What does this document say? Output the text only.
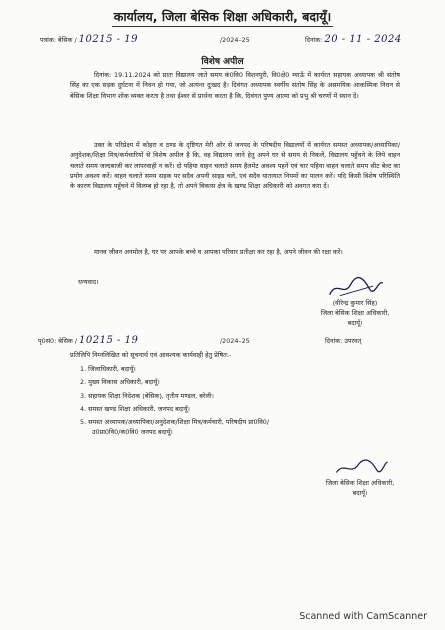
कार्यालय, जिला बेसिक शिक्षा अधिकारी, बदायूँ।
पत्रांक: बेसिक / 10215 - 19	/2024–25	दिनांक: 20 - 11 - 2024
विशेष अपील
दिनांक: 19.11.2024 को प्रातः विद्यालय जाते समय कं0वि0 विशनपुरी, वि0क्षे0 म्याऊँ में कार्यरत सहायक अध्यापक श्री संतोष सिंह का एक सड़क दुर्घटना में निधन हो गया, जो अत्यन्त दुःखद है। दिवंगत अध्यापक स्वर्गीय संतोष सिंह के असमयिक आकस्मिक निधन से बेसिक शिक्षा विभाग शोक व्यक्त करता है तथा ईश्वर से प्रार्थना करता है कि, दिवंगत पुण्य आत्मा को प्रभु श्री चरणों में स्थान दें।
उक्त के परिप्रेक्ष्य में कोहरा व ठण्ड के दृष्टिगत मेरी ओर से जनपद के परिषदीय विद्यालयों में कार्यरत समस्त अध्यापक/अध्यापिका/अनुदेशक/शिक्षा मित्र/कर्मचारियों से विशेष अपील है कि, वह विद्यालय जाने हेतु अपने घर से समय से निकलें, विद्यालय पहुँचने के लिये वाहन चलाते समय जल्दबाजी कर लापरवाही न करें। दो पहिया वाहन चलाते समय हैलमेट अवश्य पहनें एवं चार पहिया वाहन चलाते समय सीट बेल्ट का प्रयोग अवश्य करें। वाहन चलाते समय सड़क पर सदैव अपनी साइड चलें, एवं सदैव यातायात नियमों का पालन करें। यदि किसी विशेष परिस्थिति के कारण विद्यालय पहुँचने में विलम्ब हो रहा है, तो अपने विकास क्षेत्र के खण्ड शिक्षा अधिकारी को अवगत करा दें।
मानव जीवन अनमोल है, घर पर आपके बच्चे व आपका परिवार प्रतीक्षा कर रहा है, अपने जीवन की रक्षा करें।
धन्यवाद।
(वीरेन्द्र कुमार सिंह)
जिला बेसिक शिक्षा अधिकारी,
बदायूँ।
पृ0सं0: बेसिक / 10215 - 19	/2024–25	दिनांक: उपरवत्
प्रतिलिपि निम्नलिखित को सूचनार्थ एवं आवश्यक कार्यवाही हेतु प्रेषित:-
1. जिलाधिकारी, बदायूँ।
2. मुख्य विकास अधिकारी, बदायूँ।
3. सहायक शिक्षा निदेशक (बेसिक), तृतीय मण्डल, बरेली।
4. समस्त खण्ड शिक्षा अधिकारी, जनपद बदायूँ।
5. समस्त अध्यापक/अध्यापिका/अनुदेशक/शिक्षा मित्र/कर्मचारी, परिषदीय प्रा0वि0/
उ0प्रा0वि0/कं0वि0 जनपद बदायूँ।
जिला बेसिक शिक्षा अधिकारी,
बदायूँ।
Scanned with CamScanner
